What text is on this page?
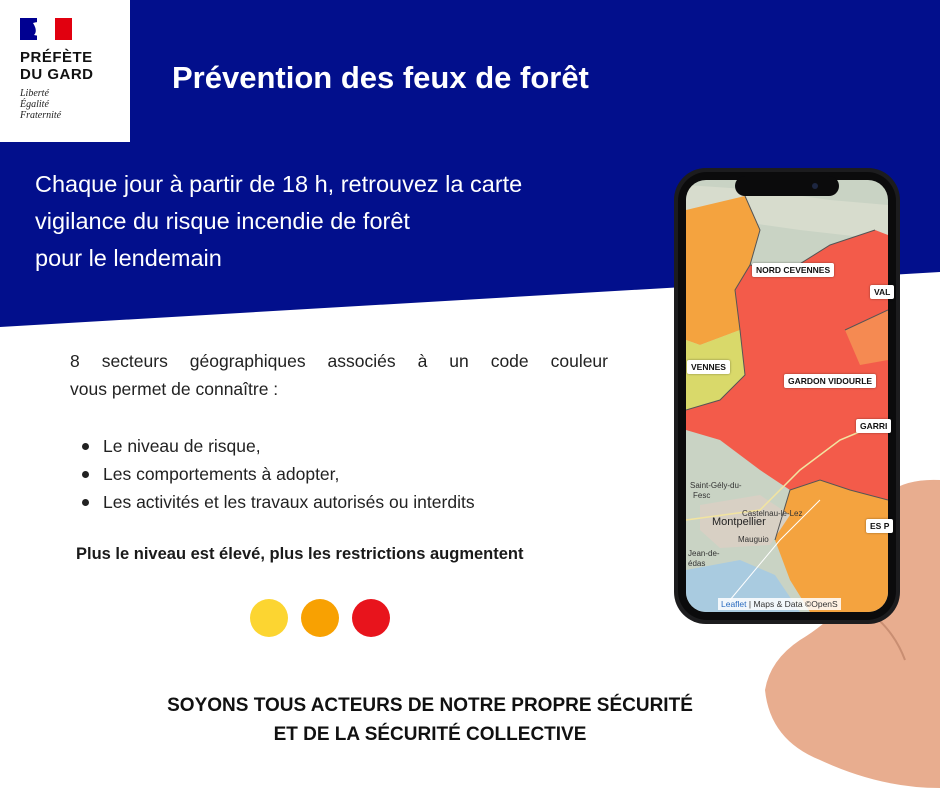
PRÉFÈTE
DU GARD
Liberté
Égalité
Fraternité
Prévention des feux de forêt
Chaque jour à partir de 18 h, retrouvez la carte
vigilance du risque incendie de forêt
pour le lendemain
8 secteurs géographiques associés à un code couleur
vous permet de connaître :
Le niveau de risque,
Les comportements à adopter,
Les activités et les travaux autorisés ou interdits
Plus le niveau est élevé, plus les restrictions augmentent
SOYONS TOUS ACTEURS DE NOTRE PROPRE SÉCURITÉ
ET DE LA SÉCURITÉ COLLECTIVE
NORD CEVENNES
VAL
VENNES
GARDON VIDOURLE
GARRI
ES P
Castelnau-le-Lez
Saint-Gély-du-
Fesc
Montpellier
Mauguio
Jean-de-
édas
Leaflet | Maps & Data ©OpenS
